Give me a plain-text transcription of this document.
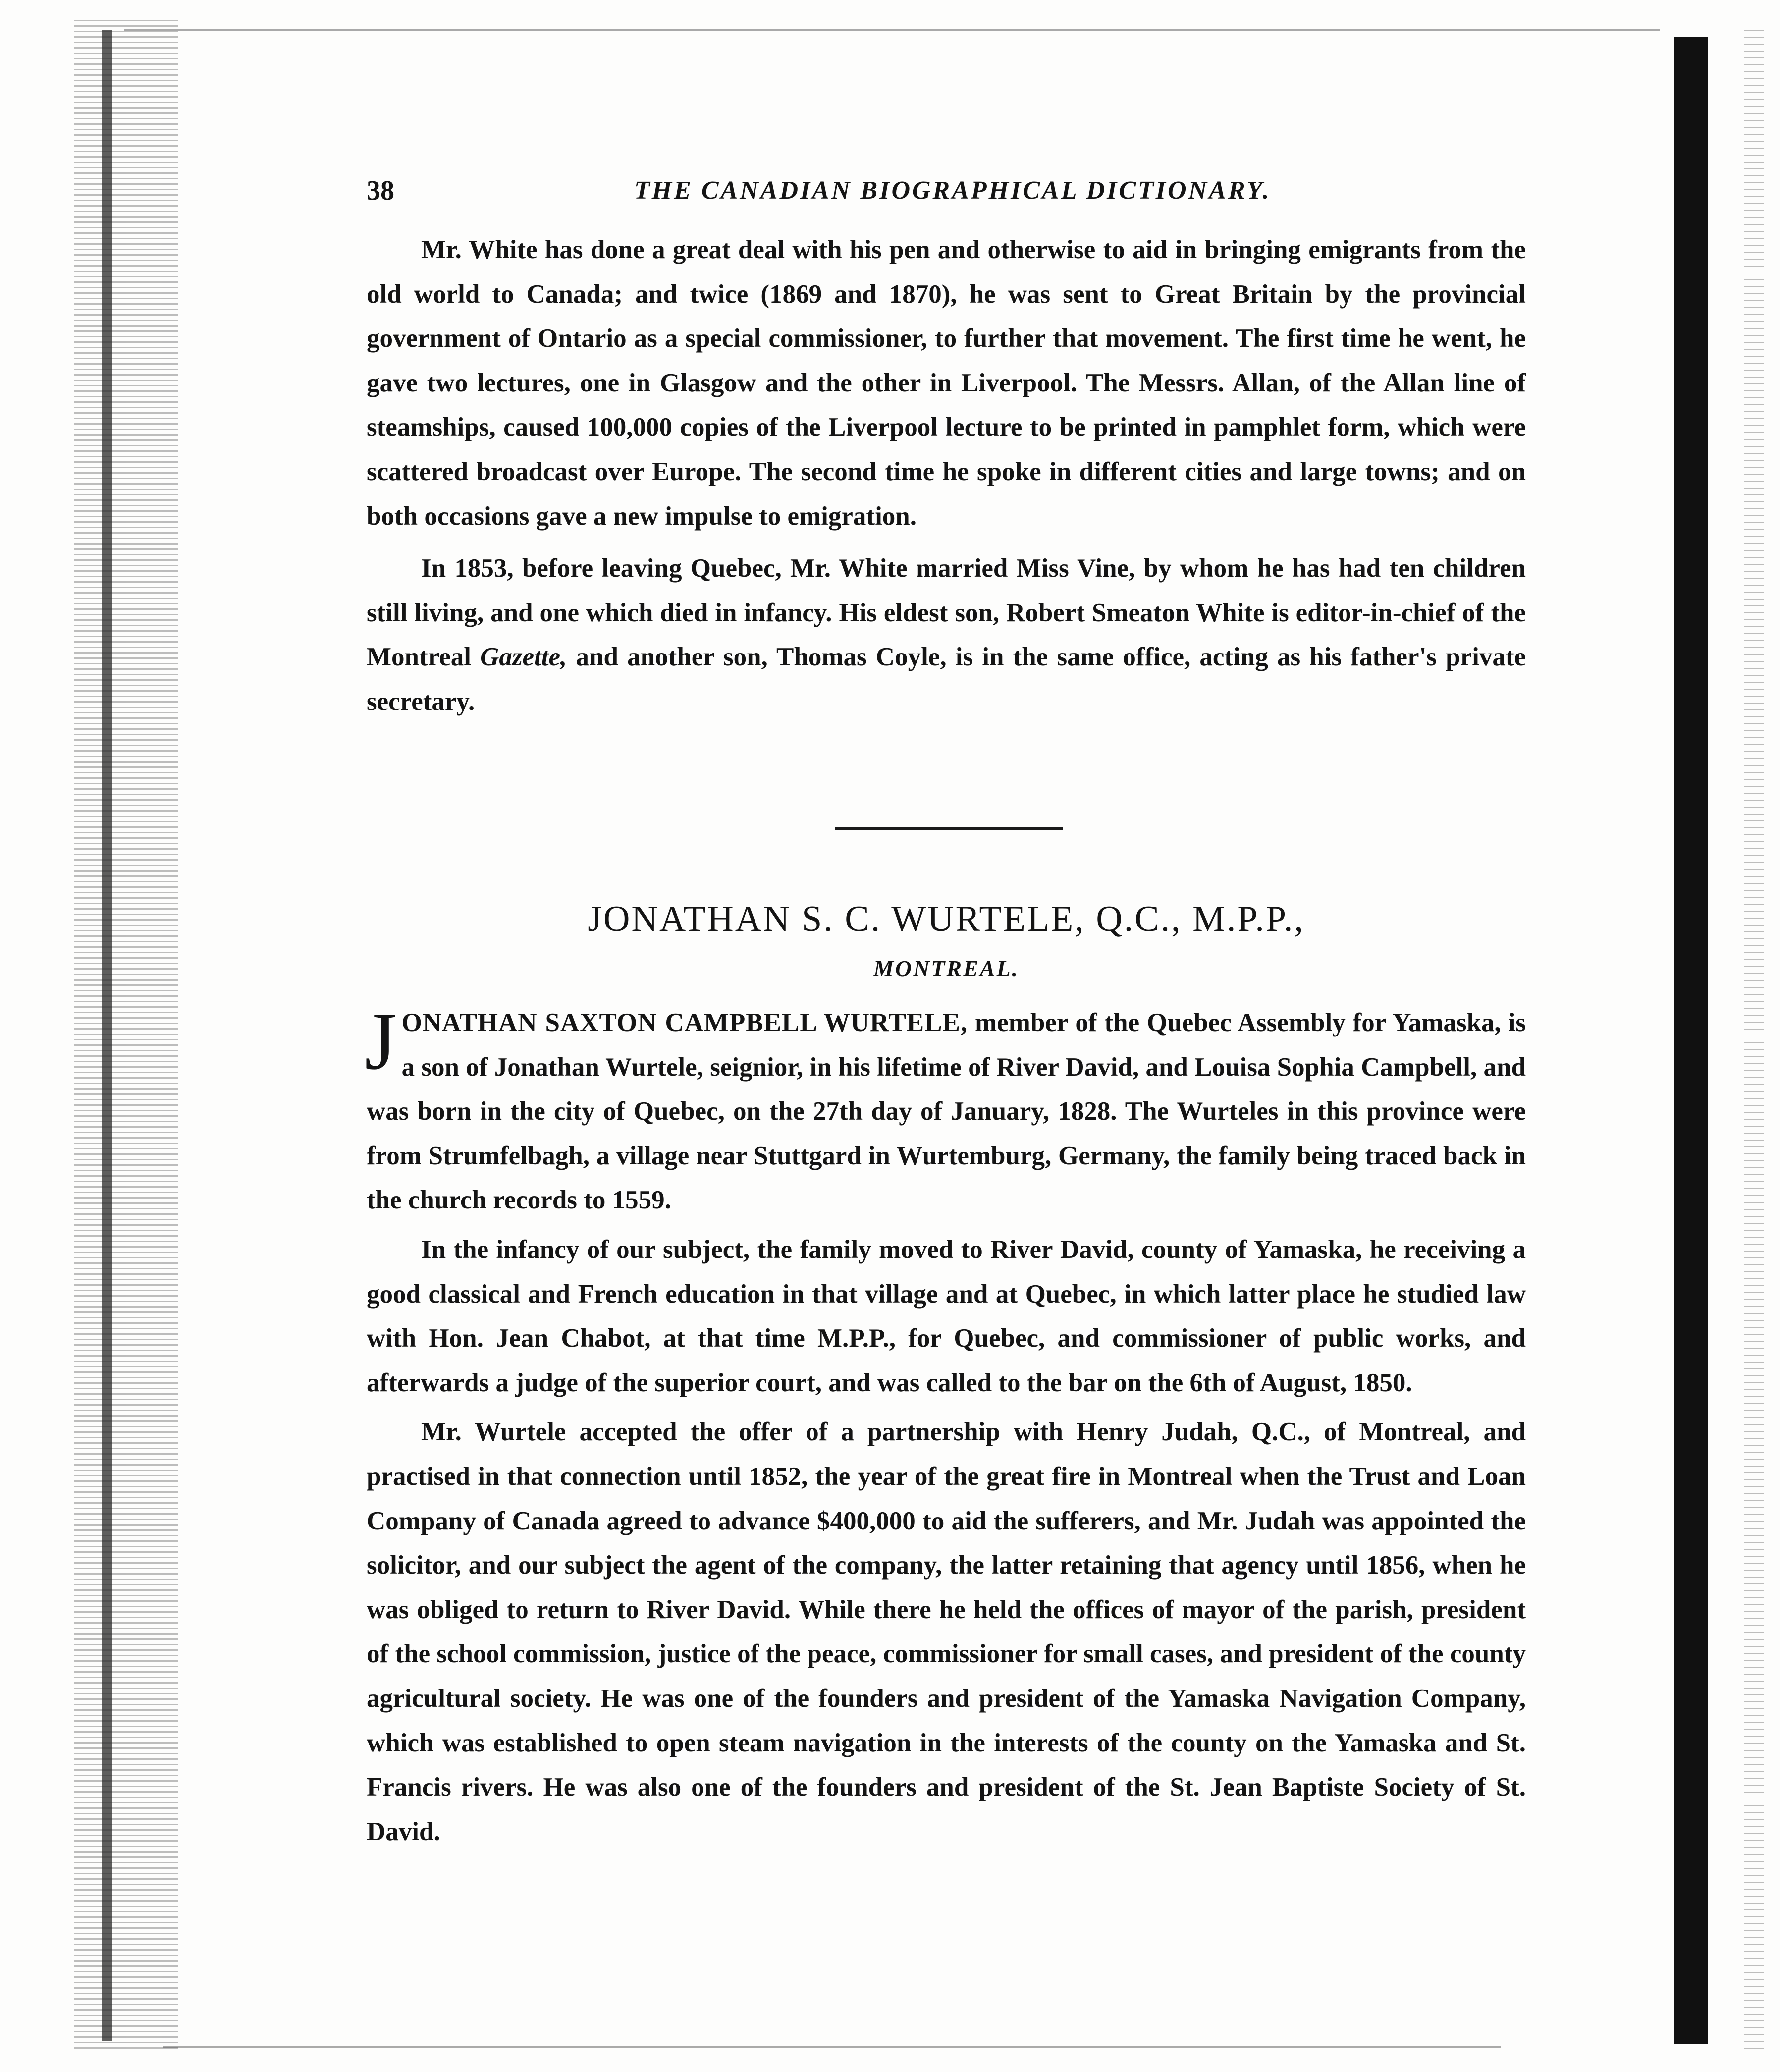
38	THE CANADIAN BIOGRAPHICAL DICTIONARY.

Mr. White has done a great deal with his pen and otherwise to aid in bringing emigrants from the old world to Canada; and twice (1869 and 1870), he was sent to Great Britain by the provincial government of Ontario as a special commissioner, to further that movement. The first time he went, he gave two lectures, one in Glasgow and the other in Liverpool. The Messrs. Allan, of the Allan line of steamships, caused 100,000 copies of the Liverpool lecture to be printed in pamphlet form, which were scattered broadcast over Europe. The second time he spoke in different cities and large towns; and on both occasions gave a new impulse to emigration.

In 1853, before leaving Quebec, Mr. White married Miss Vine, by whom he has had ten children still living, and one which died in infancy. His eldest son, Robert Smeaton White is editor-in-chief of the Montreal Gazette, and another son, Thomas Coyle, is in the same office, acting as his father's private secretary.

JONATHAN S. C. WURTELE, Q.C., M.P.P.,
MONTREAL.

JONATHAN SAXTON CAMPBELL WURTELE, member of the Quebec Assembly for Yamaska, is a son of Jonathan Wurtele, seignior, in his lifetime of River David, and Louisa Sophia Campbell, and was born in the city of Quebec, on the 27th day of January, 1828. The Wurteles in this province were from Strumfelbagh, a village near Stuttgard in Wurtemburg, Germany, the family being traced back in the church records to 1559.

In the infancy of our subject, the family moved to River David, county of Yamaska, he receiving a good classical and French education in that village and at Quebec, in which latter place he studied law with Hon. Jean Chabot, at that time M.P.P., for Quebec, and commissioner of public works, and afterwards a judge of the superior court, and was called to the bar on the 6th of August, 1850.

Mr. Wurtele accepted the offer of a partnership with Henry Judah, Q.C., of Montreal, and practised in that connection until 1852, the year of the great fire in Montreal when the Trust and Loan Company of Canada agreed to advance $400,000 to aid the sufferers, and Mr. Judah was appointed the solicitor, and our subject the agent of the company, the latter retaining that agency until 1856, when he was obliged to return to River David. While there he held the offices of mayor of the parish, president of the school commission, justice of the peace, commissioner for small cases, and president of the county agricultural society. He was one of the founders and president of the Yamaska Navigation Company, which was established to open steam navigation in the interests of the county on the Yamaska and St. Francis rivers. He was also one of the founders and president of the St. Jean Baptiste Society of St. David.
